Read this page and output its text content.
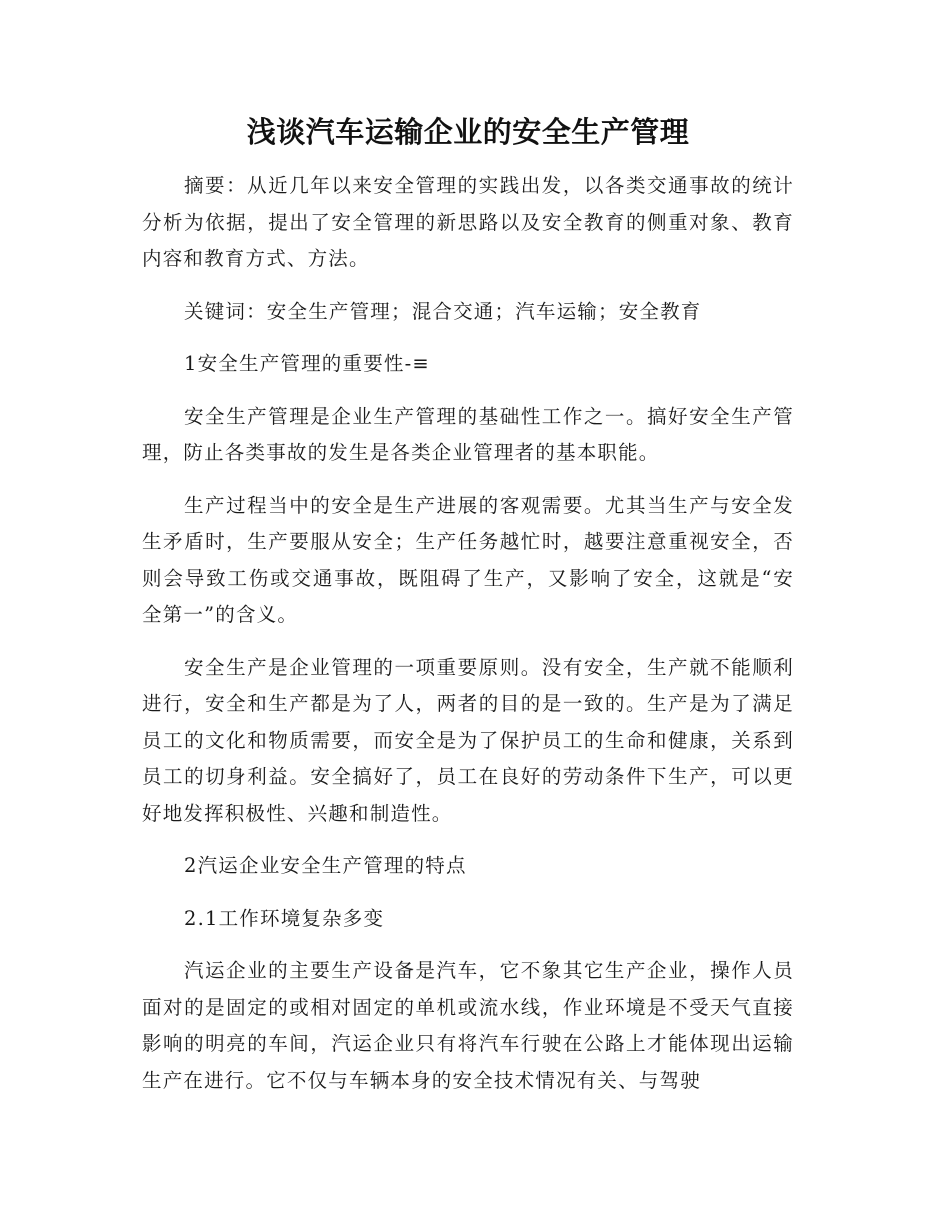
浅谈汽车运输企业的安全生产管理

摘要：从近几年以来安全管理的实践出发，以各类交通事故的统计分析为依据，提出了安全管理的新思路以及安全教育的侧重对象、教育内容和教育方式、方法。

关键词：安全生产管理；混合交通；汽车运输；安全教育

1安全生产管理的重要性-≡

安全生产管理是企业生产管理的基础性工作之一。搞好安全生产管理，防止各类事故的发生是各类企业管理者的基本职能。

生产过程当中的安全是生产进展的客观需要。尤其当生产与安全发生矛盾时，生产要服从安全；生产任务越忙时，越要注意重视安全，否则会导致工伤或交通事故，既阻碍了生产，又影响了安全，这就是“安全第一”的含义。

安全生产是企业管理的一项重要原则。没有安全，生产就不能顺利进行，安全和生产都是为了人，两者的目的是一致的。生产是为了满足员工的文化和物质需要，而安全是为了保护员工的生命和健康，关系到员工的切身利益。安全搞好了，员工在良好的劳动条件下生产，可以更好地发挥积极性、兴趣和制造性。

2汽运企业安全生产管理的特点

2.1工作环境复杂多变

汽运企业的主要生产设备是汽车，它不象其它生产企业，操作人员面对的是固定的或相对固定的单机或流水线，作业环境是不受天气直接影响的明亮的车间，汽运企业只有将汽车行驶在公路上才能体现出运输生产在进行。它不仅与车辆本身的安全技术情况有关、与驾驶
